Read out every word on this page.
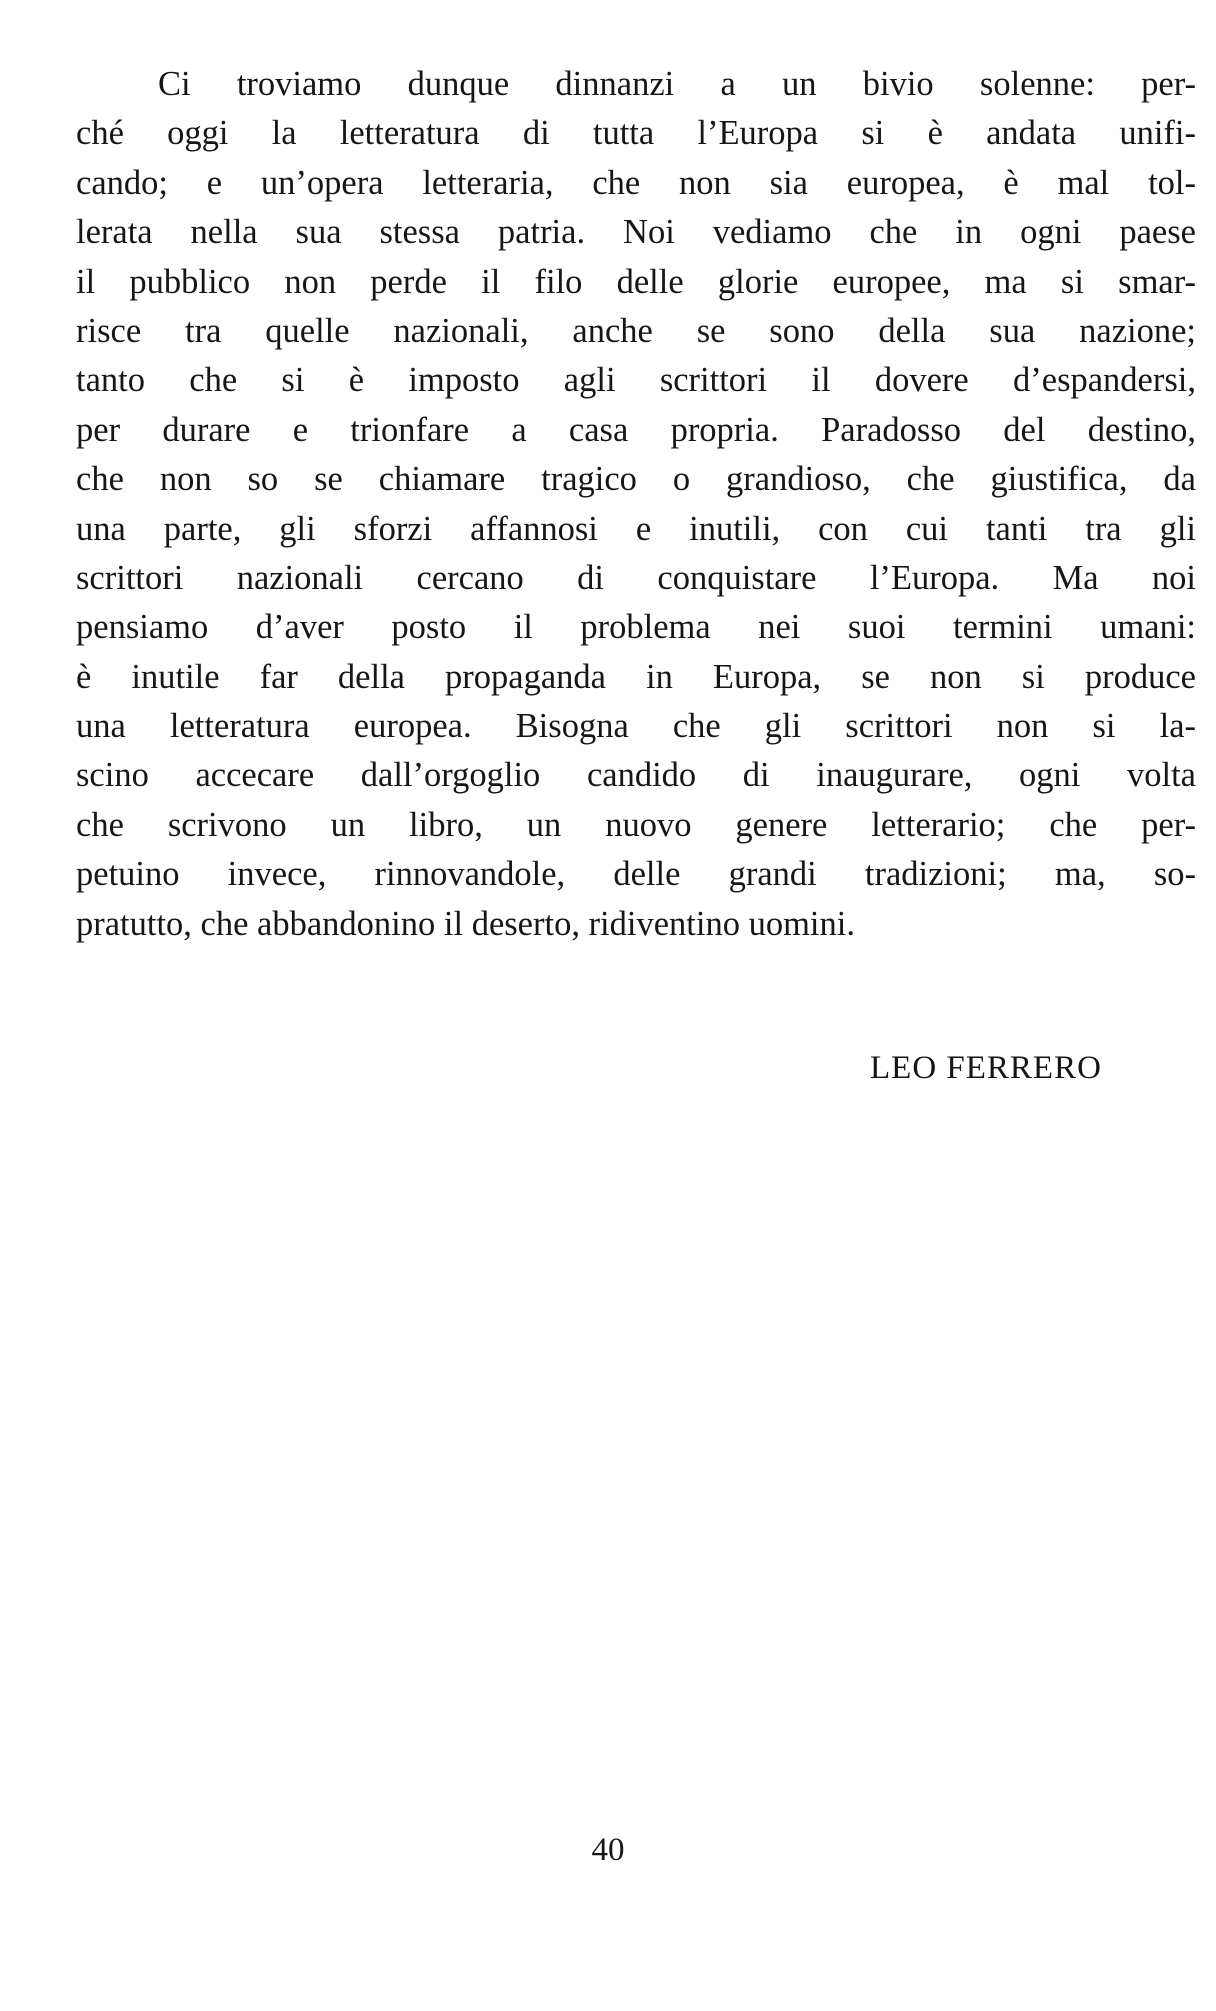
Ci troviamo dunque dinnanzi a un bivio solenne: per-
ché oggi la letteratura di tutta l’Europa si è andata unifi-
cando; e un’opera letteraria, che non sia europea, è mal tol-
lerata nella sua stessa patria. Noi vediamo che in ogni paese
il pubblico non perde il filo delle glorie europee, ma si smar-
risce tra quelle nazionali, anche se sono della sua nazione;
tanto che si è imposto agli scrittori il dovere d’espandersi,
per durare e trionfare a casa propria. Paradosso del destino,
che non so se chiamare tragico o grandioso, che giustifica, da
una parte, gli sforzi affannosi e inutili, con cui tanti tra gli
scrittori nazionali cercano di conquistare l’Europa. Ma noi
pensiamo d’aver posto il problema nei suoi termini umani:
è inutile far della propaganda in Europa, se non si produce
una letteratura europea. Bisogna che gli scrittori non si la-
scino accecare dall’orgoglio candido di inaugurare, ogni volta
che scrivono un libro, un nuovo genere letterario; che per-
petuino invece, rinnovandole, delle grandi tradizioni; ma, so-
pratutto, che abbandonino il deserto, ridiventino uomini.
LEO FERRERO
40
